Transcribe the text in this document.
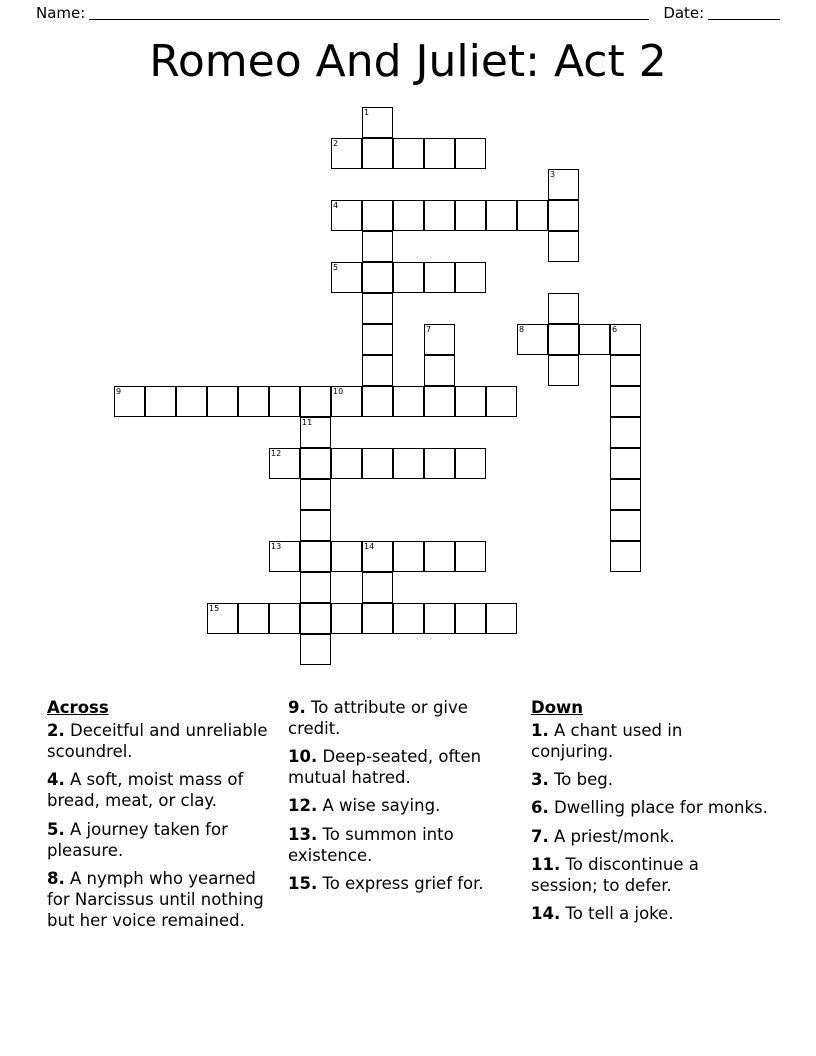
Name:	Date:
Romeo And Juliet: Act 2
1
2
3
4
5
7	8	6
9	10
11
12
13	14
15
Across
2. Deceitful and unreliable scoundrel.
4. A soft, moist mass of bread, meat, or clay.
5. A journey taken for pleasure.
8. A nymph who yearned for Narcissus until nothing but her voice remained.
9. To attribute or give credit.
10. Deep-seated, often mutual hatred.
12. A wise saying.
13. To summon into existence.
15. To express grief for.
Down
1. A chant used in conjuring.
3. To beg.
6. Dwelling place for monks.
7. A priest/monk.
11. To discontinue a session; to defer.
14. To tell a joke.
